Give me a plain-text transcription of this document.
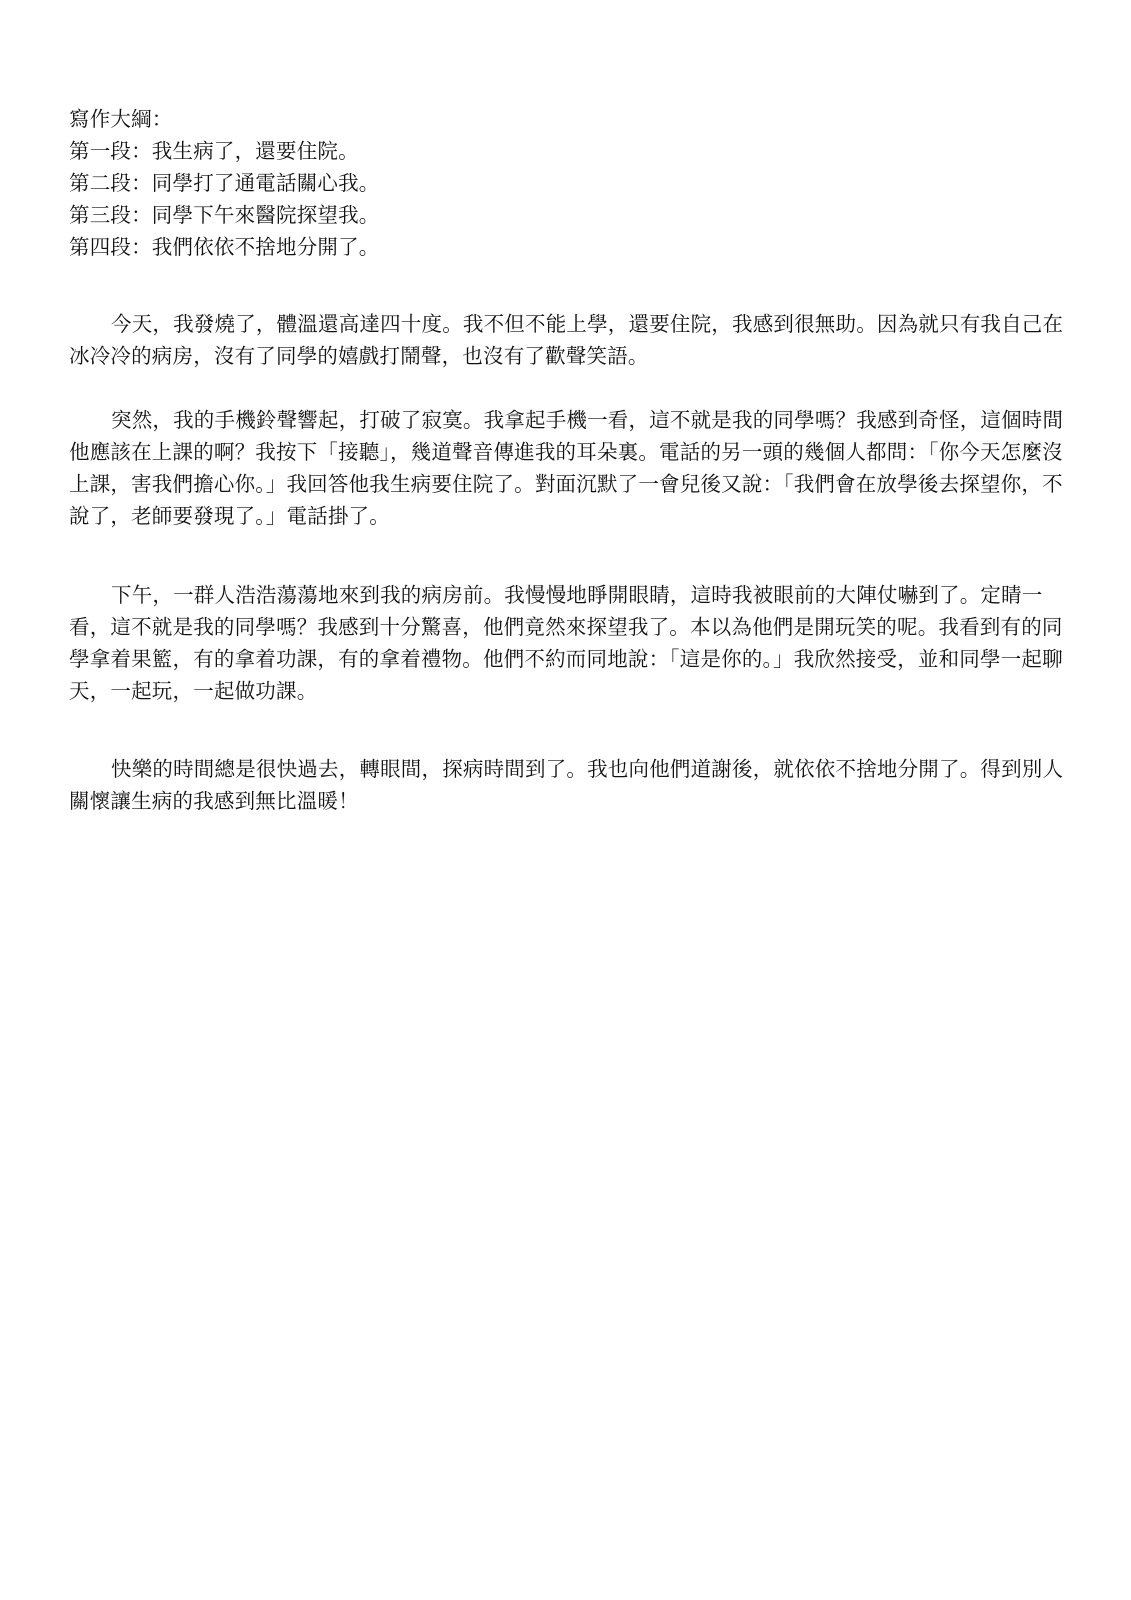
寫作大綱：
第一段：我生病了，還要住院。
第二段：同學打了通電話關心我。
第三段：同學下午來醫院探望我。
第四段：我們依依不捨地分開了。

今天，我發燒了，體溫還高達四十度。我不但不能上學，還要住院，我感到很無助。因為就只有我自己在冰冷冷的病房，沒有了同學的嬉戲打鬧聲，也沒有了歡聲笑語。

突然，我的手機鈴聲響起，打破了寂寞。我拿起手機一看，這不就是我的同學嗎？我感到奇怪，這個時間他應該在上課的啊？我按下「接聽」，幾道聲音傳進我的耳朵裏。電話的另一頭的幾個人都問：「你今天怎麼沒上課，害我們擔心你。」我回答他我生病要住院了。對面沉默了一會兒後又說：「我們會在放學後去探望你，不說了，老師要發現了。」電話掛了。

下午，一群人浩浩蕩蕩地來到我的病房前。我慢慢地睜開眼睛，這時我被眼前的大陣仗嚇到了。定睛一看，這不就是我的同學嗎？我感到十分驚喜，他們竟然來探望我了。本以為他們是開玩笑的呢。我看到有的同學拿着果籃，有的拿着功課，有的拿着禮物。他們不約而同地說：「這是你的。」我欣然接受，並和同學一起聊天，一起玩，一起做功課。

快樂的時間總是很快過去，轉眼間，探病時間到了。我也向他們道謝後，就依依不捨地分開了。得到別人關懷讓生病的我感到無比溫暖！
